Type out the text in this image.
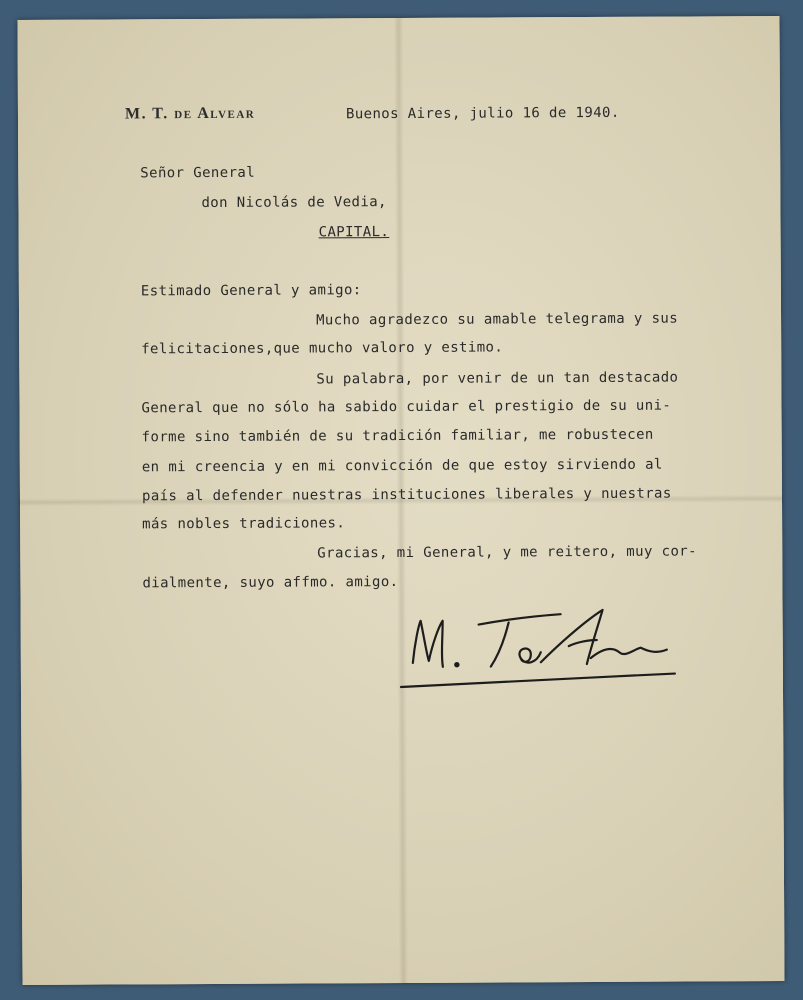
M. T. de Alvear	Buenos Aires, julio 16 de 1940.
Señor General
don Nicolás de Vedia,
CAPITAL.
Estimado General y amigo:
Mucho agradezco su amable telegrama y sus
felicitaciones,que mucho valoro y estimo.
Su palabra, por venir de un tan destacado
General que no sólo ha sabido cuidar el prestigio de su uni-
forme sino también de su tradición familiar, me robustecen
en mi creencia y en mi convicción de que estoy sirviendo al
país al defender nuestras instituciones liberales y nuestras
más nobles tradiciones.
Gracias, mi General, y me reitero, muy cor-
dialmente, suyo affmo. amigo.
